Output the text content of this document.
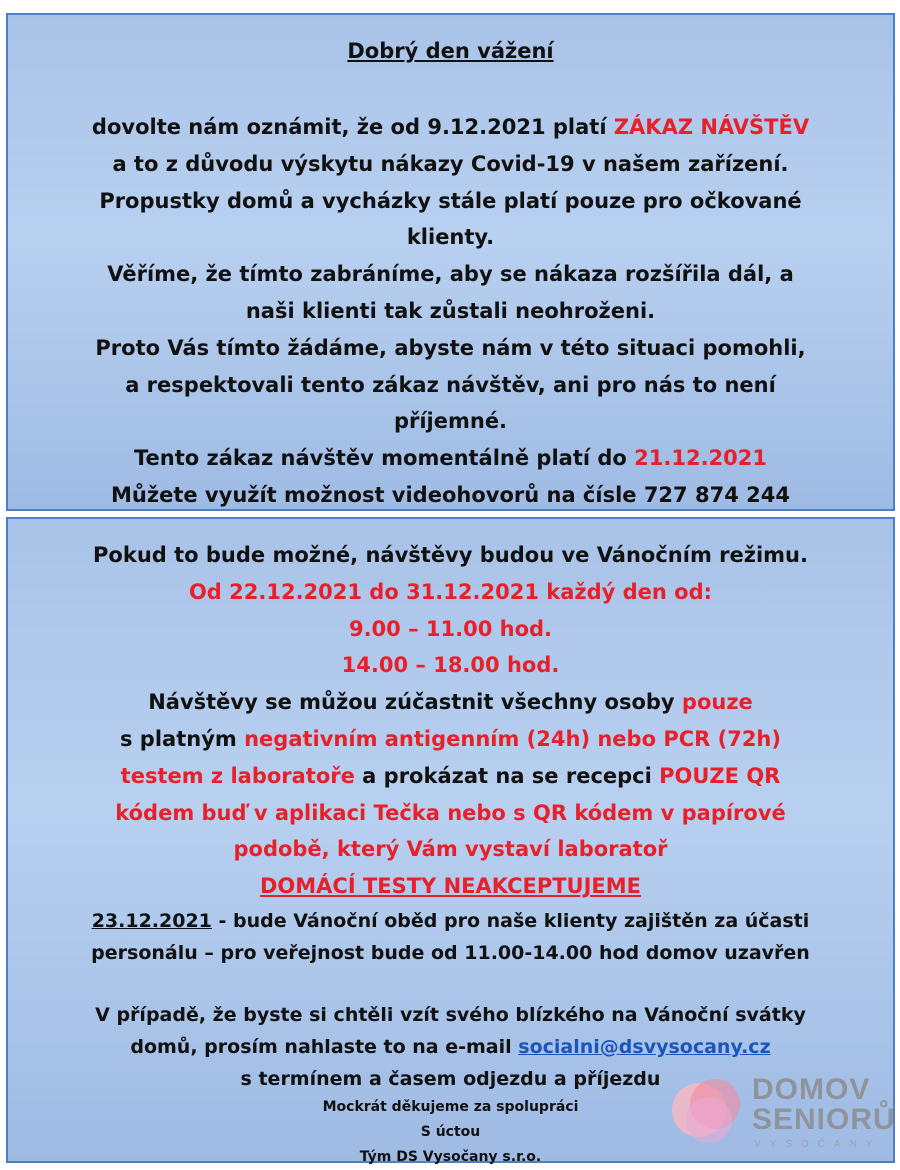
Dobrý den vážení
dovolte nám oznámit, že od 9.12.2021 platí ZÁKAZ NÁVŠTĚV
a to z důvodu výskytu nákazy Covid-19 v našem zařízení.
Propustky domů a vycházky stále platí pouze pro očkované
klienty.
Věříme, že tímto zabráníme, aby se nákaza rozšířila dál, a
naši klienti tak zůstali neohroženi.
Proto Vás tímto žádáme, abyste nám v této situaci pomohli,
a respektovali tento zákaz návštěv, ani pro nás to není
příjemné.
Tento zákaz návštěv momentálně platí do 21.12.2021
Můžete využít možnost videohovorů na čísle 727 874 244
Pokud to bude možné, návštěvy budou ve Vánočním režimu.
Od 22.12.2021 do 31.12.2021 každý den od:
9.00 – 11.00 hod.
14.00 – 18.00 hod.
Návštěvy se můžou zúčastnit všechny osoby pouze
s platným negativním antigenním (24h) nebo PCR (72h)
testem z laboratoře a prokázat na se recepci POUZE QR
kódem buď v aplikaci Tečka nebo s QR kódem v papírové
podobě, který Vám vystaví laboratoř
DOMÁCÍ TESTY NEAKCEPTUJEME
23.12.2021 - bude Vánoční oběd pro naše klienty zajištěn za účasti
personálu – pro veřejnost bude od 11.00-14.00 hod domov uzavřen
V případě, že byste si chtěli vzít svého blízkého na Vánoční svátky
domů, prosím nahlaste to na e-mail socialni@dsvysocany.cz
s termínem a časem odjezdu a příjezdu
Mockrát děkujeme za spolupráci
S úctou
Tým DS Vysočany s.r.o.
DOMOV
SENIORŮ
VYSOČANY
